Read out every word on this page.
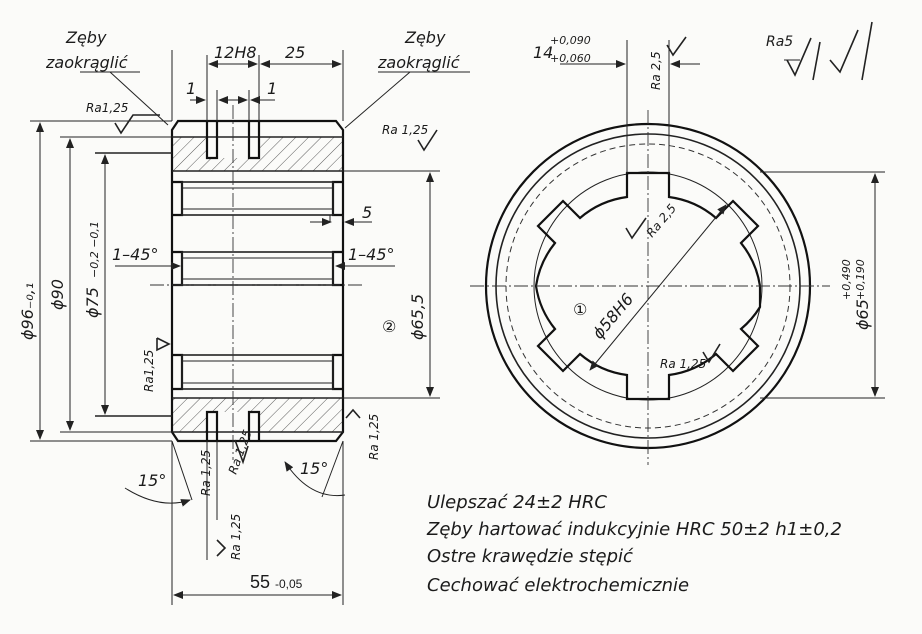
Zęby
zaokrąglić
Zęby
zaokrąglić
12H8 25
1	1
Ra1,25
Ra 1,25
5
1–45°	1–45°
ϕ96₋₀,₁ ϕ90 ϕ75
−0,2 −0,1
ϕ65,5
②
Ra1,25
Ra 1,25
Ra 1,25
Ra 1,25
Ra 1,25
15°
15°
55 -0,05
14
+0,090
+0,060	Ra 2,5
Ra5
Ra 2,5
ϕ58H6
①
Ra 1,25
ϕ65
+0,490 +0,190
Ulepszać 24±2 HRC
Zęby hartować indukcyjnie HRC 50±2 h1±0,2
Ostre krawędzie stępić
Cechować elektrochemicznie
